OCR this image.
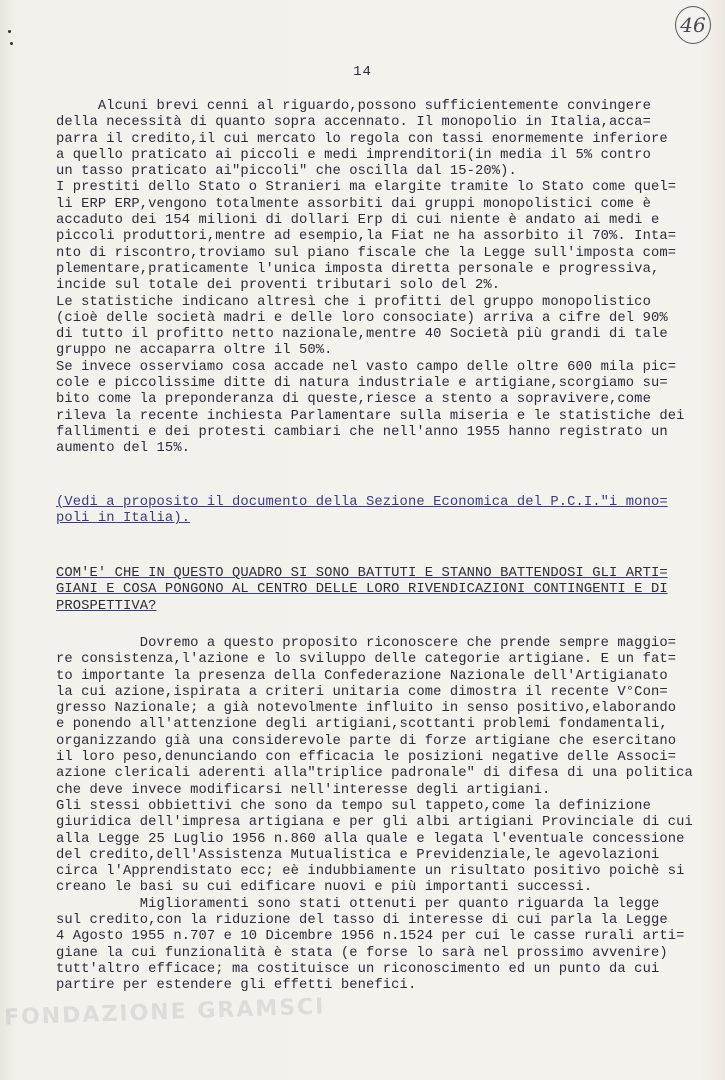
46
14
Alcuni brevi cenni al riguardo,possono sufficientemente convingere
della necessità di quanto sopra accennato. Il monopolio in Italia,acca=
parra il credito,il cui mercato lo regola con tassi enormemente inferiore
a quello praticato ai piccoli e medi imprenditori(in media il 5% contro
un tasso praticato ai"piccoli" che oscilla dal 15-20%).
I prestiti dello Stato o Stranieri ma elargite tramite lo Stato come quel=
li ERP ERP,vengono totalmente assorbiti dai gruppi monopolistici come è
accaduto dei 154 milioni di dollari Erp di cui niente è andato ai medi e
piccoli produttori,mentre ad esempio,la Fiat ne ha assorbito il 70%. Inta=
nto di riscontro,troviamo sul piano fiscale che la Legge sull'imposta com=
plementare,praticamente l'unica imposta diretta personale e progressiva,
incide sul totale dei proventi tributari solo del 2%.
Le statistiche indicano altresì che i profitti del gruppo monopolistico
(cioè delle società madri e delle loro consociate) arriva a cifre del 90%
di tutto il profitto netto nazionale,mentre 40 Società più grandi di tale
gruppo ne accaparra oltre il 50%.
Se invece osserviamo cosa accade nel vasto campo delle oltre 600 mila pic=
cole e piccolissime ditte di natura industriale e artigiane,scorgiamo su=
bito come la preponderanza di queste,riesce a stento a sopravivere,come
rileva la recente inchiesta Parlamentare sulla miseria e le statistiche dei
fallimenti e dei protesti cambiari che nell'anno 1955 hanno registrato un
aumento del 15%.
(Vedi a proposito il documento della Sezione Economica del P.C.I."i mono=
poli in Italia).
COM'E' CHE IN QUESTO QUADRO SI SONO BATTUTI E STANNO BATTENDOSI GLI ARTI=
GIANI E COSA PONGONO AL CENTRO DELLE LORO RIVENDICAZIONI CONTINGENTI E DI
PROSPETTIVA?
Dovremo a questo proposito riconoscere che prende sempre maggio=
re consistenza,l'azione e lo sviluppo delle categorie artigiane. E un fat=
to importante la presenza della Confederazione Nazionale dell'Artigianato
la cui azione,ispirata a criteri unitaria come dimostra il recente V°Con=
gresso Nazionale; a già notevolmente influito in senso positivo,elaborando
e ponendo all'attenzione degli artigiani,scottanti problemi fondamentali,
organizzando già una considerevole parte di forze artigiane che esercitano
il loro peso,denunciando con efficacia le posizioni negative delle Associ=
azione clericali aderenti alla"triplice padronale" di difesa di una politica
che deve invece modificarsi nell'interesse degli artigiani.
Gli stessi obbiettivi che sono da tempo sul tappeto,come la definizione
giuridica dell'impresa artigiana e per gli albi artigiani Provinciale di cui
alla Legge 25 Luglio 1956 n.860 alla quale e legata l'eventuale concessione
del credito,dell'Assistenza Mutualistica e Previdenziale,le agevolazioni
circa l'Apprendistato ecc; eè indubbiamente un risultato positivo poichè si
creano le basi su cui edificare nuovi e più importanti successi.
Miglioramenti sono stati ottenuti per quanto riguarda la legge
sul credito,con la riduzione del tasso di interesse di cui parla la Legge
4 Agosto 1955 n.707 e 10 Dicembre 1956 n.1524 per cui le casse rurali arti=
giane la cui funzionalità è stata (e forse lo sarà nel prossimo avvenire)
tutt'altro efficace; ma costituisce un riconoscimento ed un punto da cui
partire per estendere gli effetti benefici.
FONDAZIONE GRAMSCI
